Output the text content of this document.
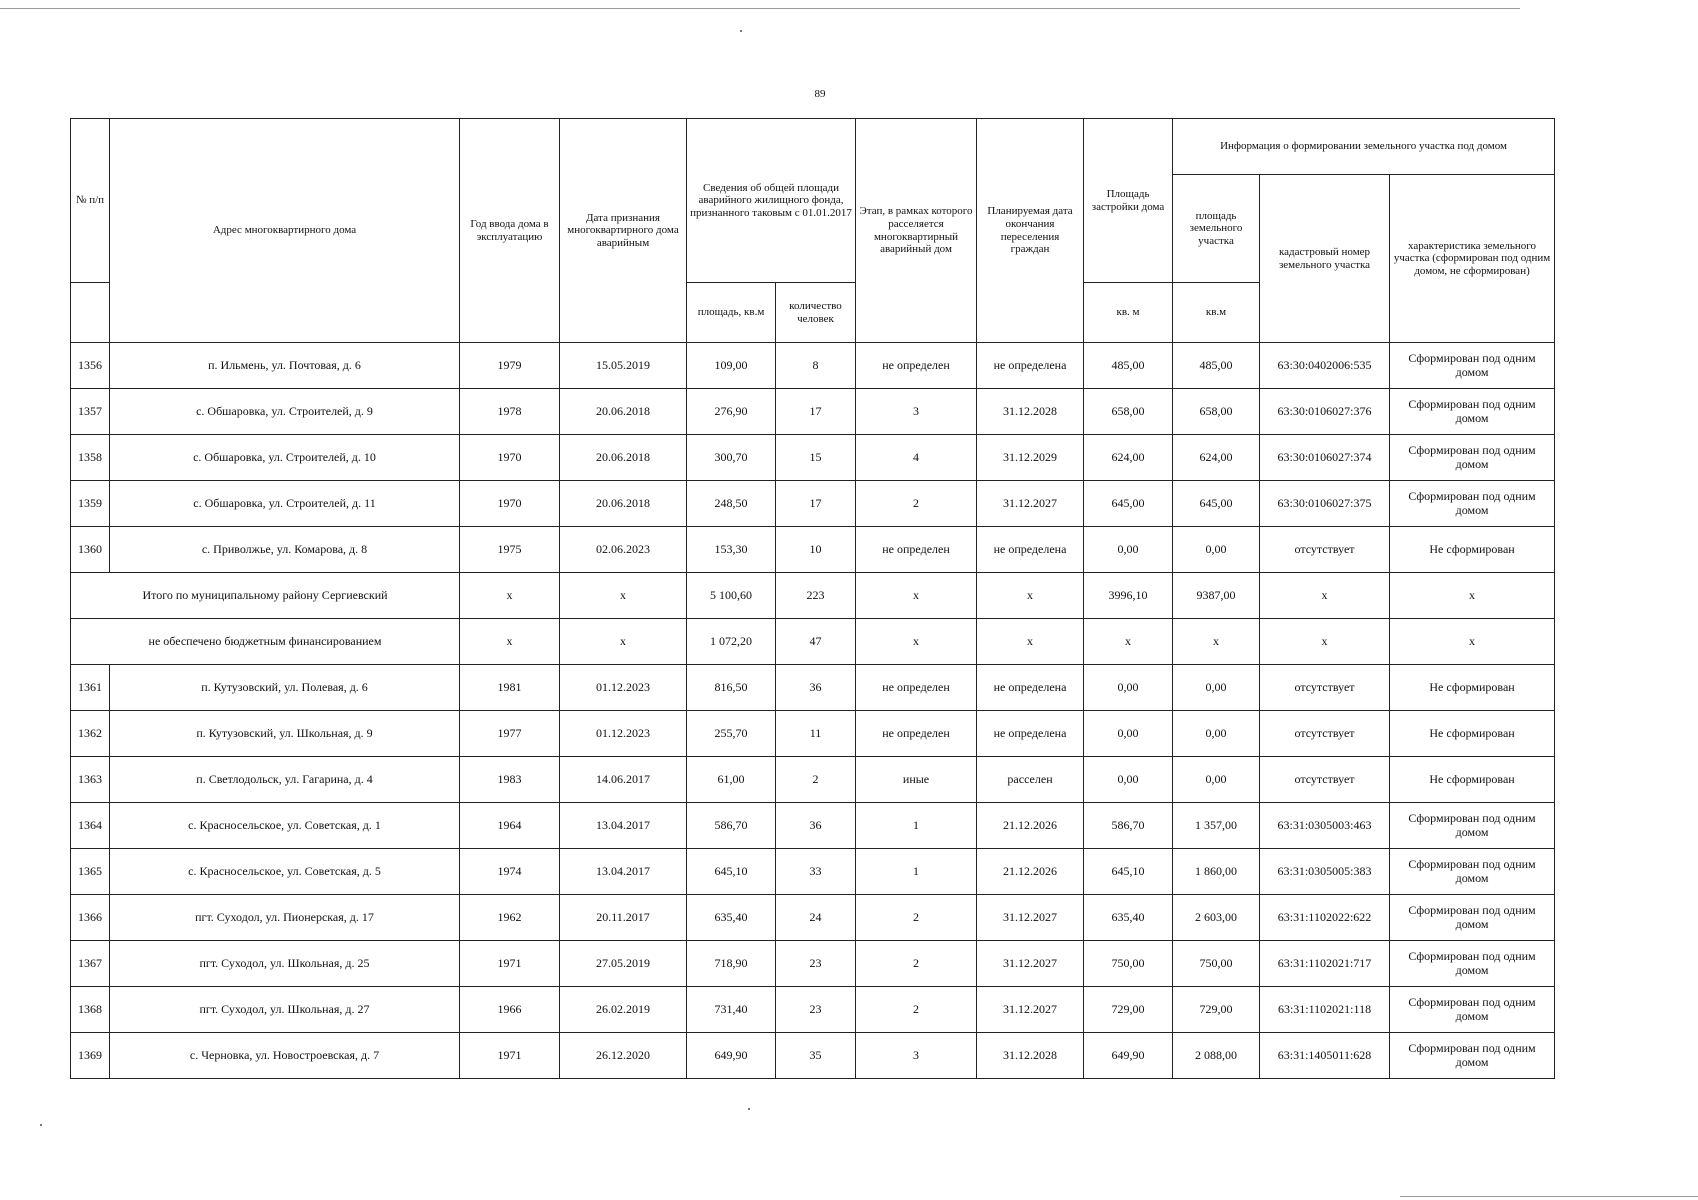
89
№ п/п	Адрес многоквартирного дома	Год ввода дома в эксплуатацию	Дата признания многоквартирного дома аварийным	Сведения об общей площади аварийного жилищного фонда, признанного таковым с 01.01.2017		Этап, в рамках которого расселяется многоквартирный аварийный дом	Планируемая дата окончания переселения граждан	Площадь застройки дома	Информация о формировании земельного участка под домом		
									площадь земельного участка	кадастровый номер земельного участка	характеристика земельного участка (сформирован под одним домом, не сформирован)
				площадь, кв.м	количество человек			кв. м	кв.м		
1356	п. Ильмень, ул. Почтовая, д. 6	1979	15.05.2019	109,00	8	не определен	не определена	485,00	485,00	63:30:0402006:535	Сформирован под одним домом
1357	с. Обшаровка, ул. Строителей, д. 9	1978	20.06.2018	276,90	17	3	31.12.2028	658,00	658,00	63:30:0106027:376	Сформирован под одним домом
1358	с. Обшаровка, ул. Строителей, д. 10	1970	20.06.2018	300,70	15	4	31.12.2029	624,00	624,00	63:30:0106027:374	Сформирован под одним домом
1359	с. Обшаровка, ул. Строителей, д. 11	1970	20.06.2018	248,50	17	2	31.12.2027	645,00	645,00	63:30:0106027:375	Сформирован под одним домом
1360	с. Приволжье, ул. Комарова, д. 8	1975	02.06.2023	153,30	10	не определен	не определена	0,00	0,00	отсутствует	Не сформирован
Итого по муниципальному району Сергиевский		x	x	5 100,60	223	x	x	3996,10	9387,00	x	x
не обеспечено бюджетным финансированием		x	x	1 072,20	47	x	x	x	x	x	x
1361	п. Кутузовский, ул. Полевая, д. 6	1981	01.12.2023	816,50	36	не определен	не определена	0,00	0,00	отсутствует	Не сформирован
1362	п. Кутузовский, ул. Школьная, д. 9	1977	01.12.2023	255,70	11	не определен	не определена	0,00	0,00	отсутствует	Не сформирован
1363	п. Светлодольск, ул. Гагарина, д. 4	1983	14.06.2017	61,00	2	иные	расселен	0,00	0,00	отсутствует	Не сформирован
1364	с. Красносельское, ул. Советская, д. 1	1964	13.04.2017	586,70	36	1	21.12.2026	586,70	1 357,00	63:31:0305003:463	Сформирован под одним домом
1365	с. Красносельское, ул. Советская, д. 5	1974	13.04.2017	645,10	33	1	21.12.2026	645,10	1 860,00	63:31:0305005:383	Сформирован под одним домом
1366	пгт. Суходол, ул. Пионерская, д. 17	1962	20.11.2017	635,40	24	2	31.12.2027	635,40	2 603,00	63:31:1102022:622	Сформирован под одним домом
1367	пгт. Суходол, ул. Школьная, д. 25	1971	27.05.2019	718,90	23	2	31.12.2027	750,00	750,00	63:31:1102021:717	Сформирован под одним домом
1368	пгт. Суходол, ул. Школьная, д. 27	1966	26.02.2019	731,40	23	2	31.12.2027	729,00	729,00	63:31:1102021:118	Сформирован под одним домом
1369	с. Черновка, ул. Новостроевская, д. 7	1971	26.12.2020	649,90	35	3	31.12.2028	649,90	2 088,00	63:31:1405011:628	Сформирован под одним домом
